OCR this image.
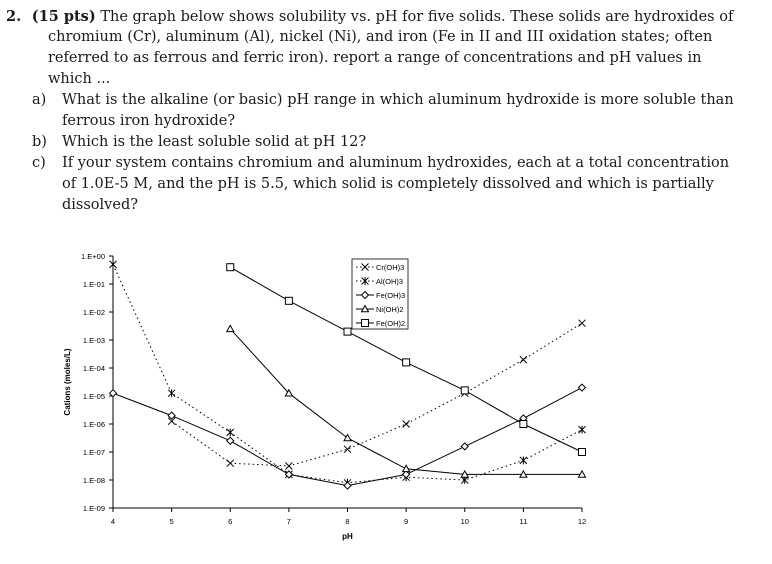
2. (15 pts) The graph below shows solubility vs. pH for five solids. These solids are hydroxides of
chromium (Cr), aluminum (Al), nickel (Ni), and iron (Fe in II and III oxidation states; often
referred to as ferrous and ferric iron). report a range of concentrations and pH values in
which ...
a) What is the alkaline (or basic) pH range in which aluminum hydroxide is more soluble than
ferrous iron hydroxide?
b) Which is the least soluble solid at pH 12?
c) If your system contains chromium and aluminum hydroxides, each at a total concentration
of 1.0E-5 M, and the pH is 5.5, which solid is completely dissolved and which is partially
dissolved?
1.E+00
1.E-01
1.E-02
1.E-03
1.E-04
1.E-05
1.E-06
1.E-07
1.E-08
1.E-09
4	5	6	7	8	9	10	11	12
pH
Cations (moles/L)
Cr(OH)3
Al(OH)3
Fe(OH)3
Ni(OH)2
Fe(OH)2
